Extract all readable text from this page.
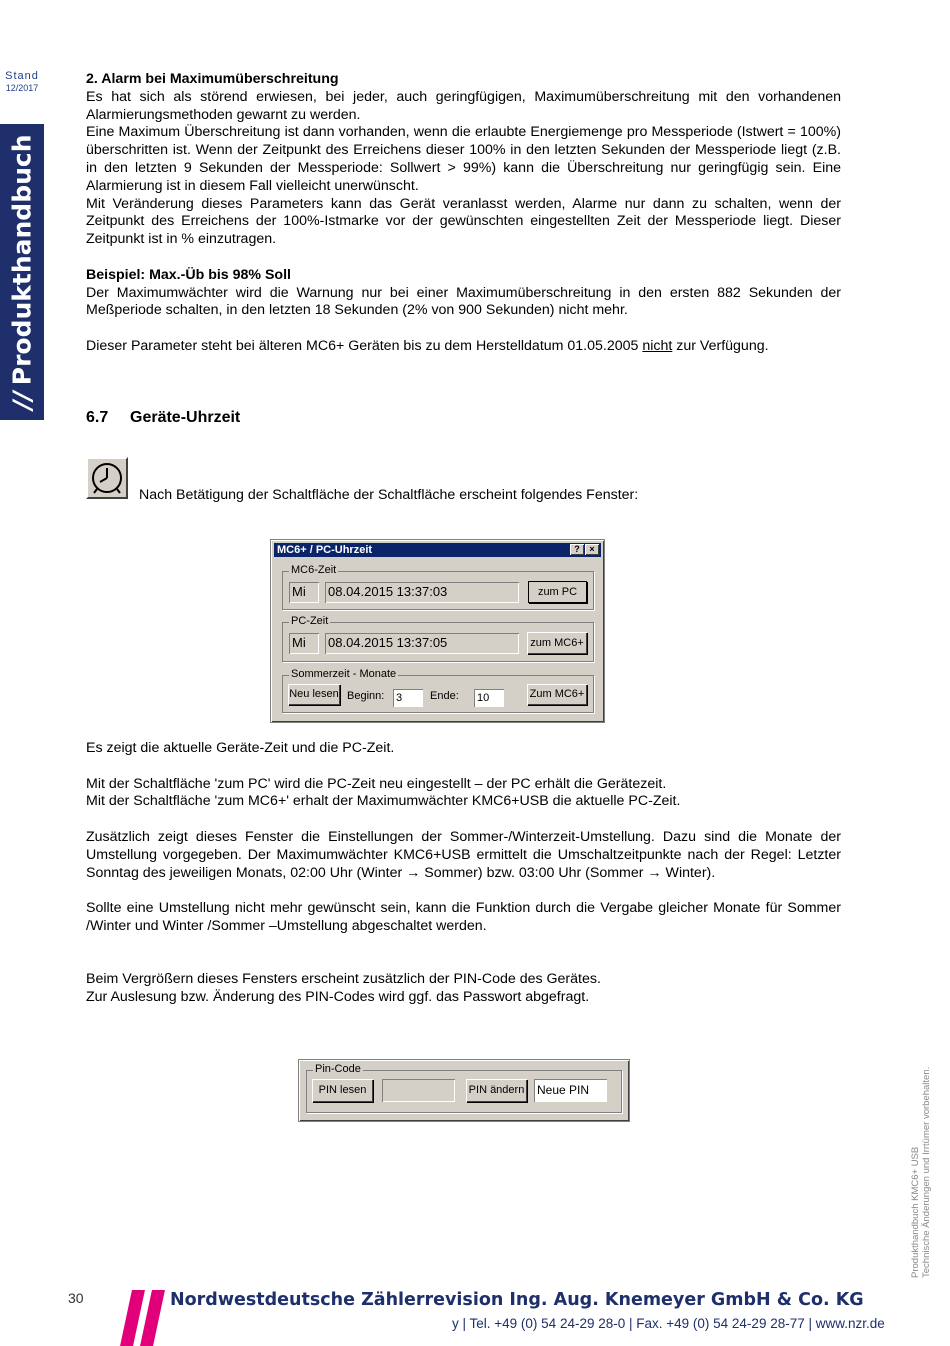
Stand
12/2017
//Produkthandbuch
2. Alarm bei Maximumüberschreitung
Es hat sich als störend erwiesen, bei jeder, auch geringfügigen, Maximumüberschreitung mit den vorhandenen Alarmierungsmethoden gewarnt zu werden.
Eine Maximum Überschreitung ist dann vorhanden, wenn die erlaubte Energiemenge pro Messperiode (Istwert = 100%) überschritten ist. Wenn der Zeitpunkt des Erreichens dieser 100% in den letzten Sekunden der Messperiode liegt (z.B. in den letzten 9 Sekunden der Messperiode: Sollwert > 99%) kann die Überschreitung nur geringfügig sein. Eine Alarmierung ist in diesem Fall vielleicht unerwünscht.
Mit Veränderung dieses Parameters kann das Gerät veranlasst werden, Alarme nur dann zu schalten, wenn der Zeitpunkt des Erreichens der 100%-Istmarke vor der gewünschten eingestellten Zeit der Messperiode liegt. Dieser Zeitpunkt ist in % einzutragen.
Beispiel: Max.-Üb bis 98% Soll
Der Maximumwächter wird die Warnung nur bei einer Maximumüberschreitung in den ersten 882 Sekunden der Meßperiode schalten, in den letzten 18 Sekunden (2% von 900 Sekunden) nicht mehr.
Dieser Parameter steht bei älteren MC6+ Geräten bis zu dem Herstelldatum 01.05.2005 nicht zur Verfügung.
6.7 Geräte-Uhrzeit
Nach Betätigung der Schaltfläche der Schaltfläche erscheint folgendes Fenster:
MC6+ / PC-Uhrzeit	?	×
MC6-Zeit
Mi	08.04.2015 13:37:03	zum PC
PC-Zeit
Mi	08.04.2015 13:37:05	zum MC6+
Sommerzeit - Monate
Neu lesen Beginn: 3	Ende: 10	Zum MC6+
Es zeigt die aktuelle Geräte-Zeit und die PC-Zeit.
Mit der Schaltfläche 'zum PC' wird die PC-Zeit neu eingestellt – der PC erhält die Gerätezeit.
Mit der Schaltfläche 'zum MC6+' erhalt der Maximumwächter KMC6+USB die aktuelle PC-Zeit.
Zusätzlich zeigt dieses Fenster die Einstellungen der Sommer-/Winterzeit-Umstellung. Dazu sind die Monate der Umstellung vorgegeben. Der Maximumwächter KMC6+USB ermittelt die Umschaltzeitpunkte nach der Regel: Letzter Sonntag des jeweiligen Monats, 02:00 Uhr (Winter → Sommer) bzw. 03:00 Uhr (Sommer → Winter).
Sollte eine Umstellung nicht mehr gewünscht sein, kann die Funktion durch die Vergabe gleicher Monate für Sommer /Winter und Winter /Sommer –Umstellung abgeschaltet werden.
Beim Vergrößern dieses Fensters erscheint zusätzlich der PIN-Code des Gerätes.
Zur Auslesung bzw. Änderung des PIN-Codes wird ggf. das Passwort abgefragt.
Pin-Code
PIN lesen	PIN ändern Neue PIN
Produkthandbuch KMC6+ USB Technische Änderungen und Irrtümer vorbehalten.
30	Nordwestdeutsche Zählerrevision Ing. Aug. Knemeyer GmbH & Co. KG
y | Tel. +49 (0) 54 24-29 28-0 | Fax. +49 (0) 54 24-29 28-77 | www.nzr.de
